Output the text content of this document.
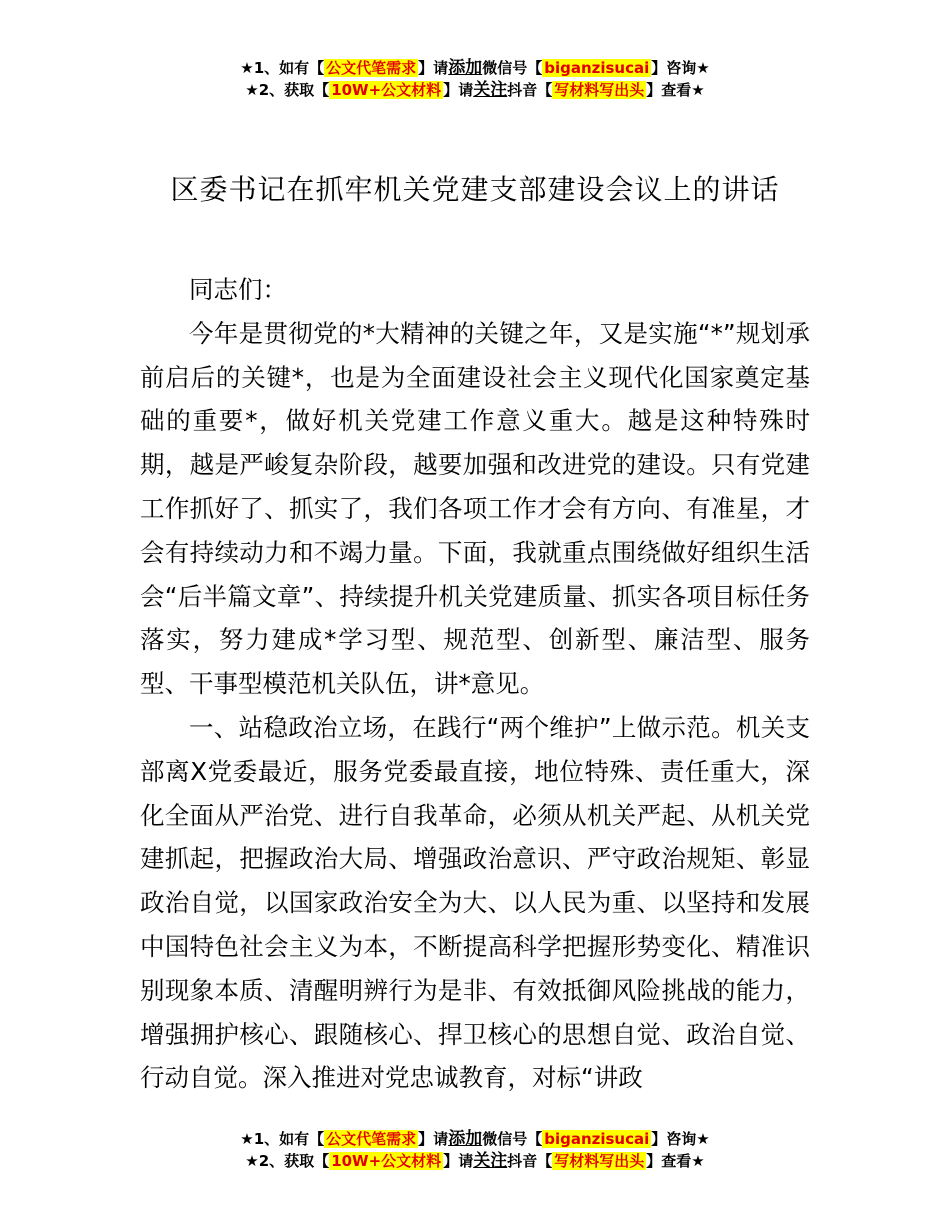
★1、如有【 公文代笔需求 】请添加微信号【 biganzisucai 】咨询★
★2、获取【 10W+公文材料 】请关注抖音【 写材料写出头 】查看★
区委书记在抓牢机关党建支部建设会议上的讲话

同志们：

今年是贯彻党的*大精神的关键之年，又是实施“*”规划承前启后的关键*，也是为全面建设社会主义现代化国家奠定基础的重要*，做好机关党建工作意义重大。越是这种特殊时期，越是严峻复杂阶段，越要加强和改进党的建设。只有党建工作抓好了、抓实了，我们各项工作才会有方向、有准星，才会有持续动力和不竭力量。下面，我就重点围绕做好组织生活会“后半篇文章”、持续提升机关党建质量、抓实各项目标任务落实，努力建成*学习型、规范型、创新型、廉洁型、服务型、干事型模范机关队伍，讲*意见。

一、站稳政治立场，在践行“两个维护”上做示范。机关支部离X党委最近，服务党委最直接，地位特殊、责任重大，深化全面从严治党、进行自我革命，必须从机关严起、从机关党建抓起，把握政治大局、增强政治意识、严守政治规矩、彰显政治自觉，以国家政治安全为大、以人民为重、以坚持和发展中国特色社会主义为本，不断提高科学把握形势变化、精准识别现象本质、清醒明辨行为是非、有效抵御风险挑战的能力，增强拥护核心、跟随核心、捍卫核心的思想自觉、政治自觉、行动自觉。深入推进对党忠诚教育，对标“讲政

★1、如有【 公文代笔需求 】请添加微信号【 biganzisucai 】咨询★
★2、获取【 10W+公文材料 】请关注抖音【 写材料写出头 】查看★
